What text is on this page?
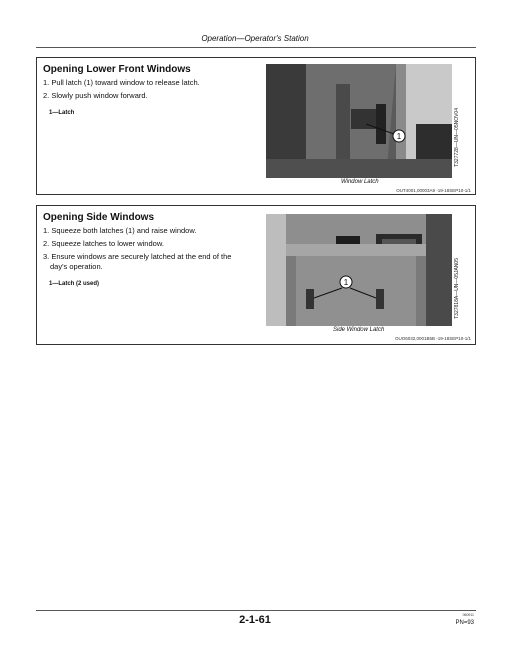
Operation—Operator's Station
Opening Lower Front Windows
1. Pull latch (1) toward window to release latch.
2. Slowly push window forward.
1—Latch
1	T327728—UN—05NOV04
Window Latch
OUT4001,00003A9 -19-18SEP10-1/1
Opening Side Windows
1. Squeeze both latches (1) and raise window.
2. Squeeze latches to lower window.
3. Ensure windows are securely latched at the end of the
day's operation.
1—Latch (2 used)	1	T327818A—UN—05JAN05
Side Window Latch
OUO6032,0001B5B -19-18SEP10-1/1
2-1-61	060911
PN=93
